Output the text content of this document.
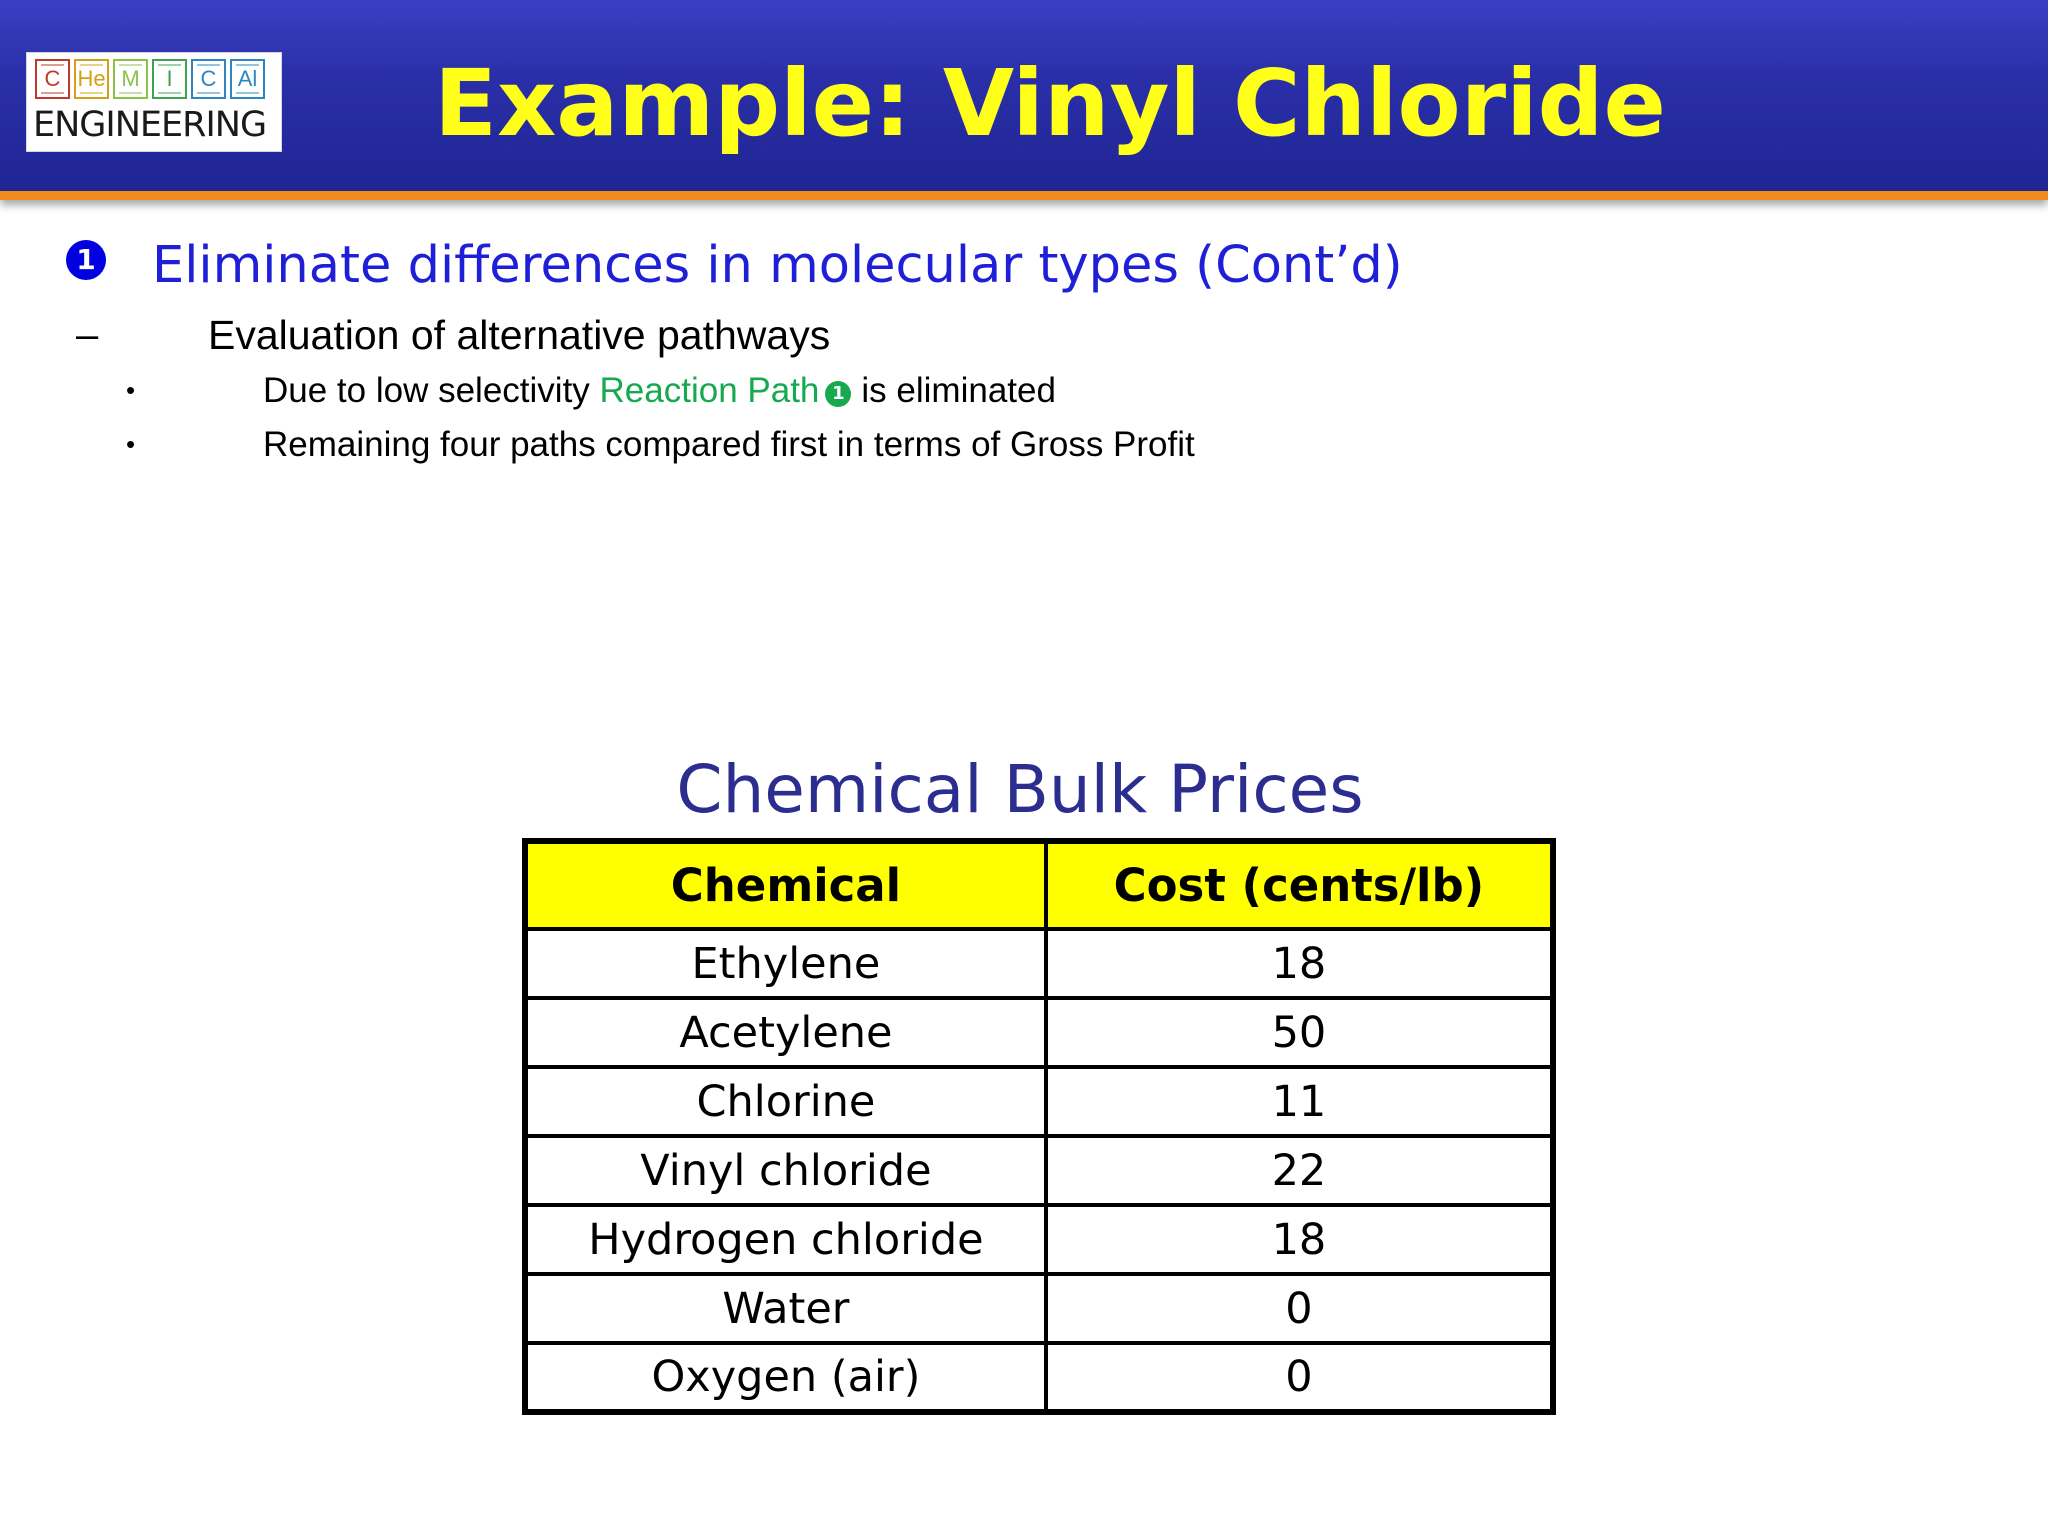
C He M	I	C Al
ENGINEERING	Example: Vinyl Chloride
1 Eliminate differences in molecular types (Cont’d)
–	Evaluation of alternative pathways
•	Due to low selectivity Reaction Path 1 is eliminated
•	Remaining four paths compared first in terms of Gross Profit
Chemical Bulk Prices
Chemical	Cost (cents/lb)
Ethylene	18
Acetylene	50
Chlorine	11
Vinyl chloride	22
Hydrogen chloride	18
Water	0
Oxygen (air)	0
